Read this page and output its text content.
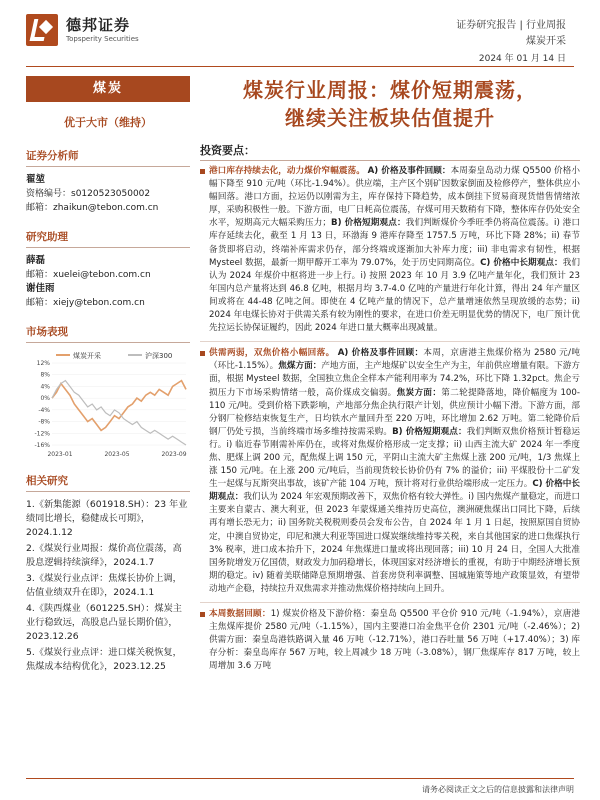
德邦证券
Topsperity Securities
证券研究报告 | 行业周报
煤炭开采
2024 年 01 月 14 日
煤炭
优于大市（维持）
证券分析师
翟堃
资格编号：s0120523050002
邮箱：zhaikun@tebon.com.cn
研究助理
薛磊
邮箱：xuelei@tebon.com.cn
谢佳雨
邮箱：xiejy@tebon.com.cn
市场表现
煤炭开采	沪深300
12%
8%
4%
0%
-4%
-8%
-12%
-16%
2023-01	2023-05	2023-09
相关研究

1.《新集能源（601918.SH）：23 年业绩同比增长，稳健成长可期》，2024.1.12

2.《煤炭行业周报：煤价高位震荡，高股息逻辑持续演绎》，2024.1.7

3.《煤炭行业点评：焦煤长协价上调，估值业绩双升在即》，2024.1.1

4.《陕西煤业（601225.SH）：煤炭主业行稳致远，高股息凸显长期价值》，2023.12.26

5.《煤炭行业点评：进口煤关税恢复，焦煤成本结构优化》，2023.12.25

煤炭行业周报：煤价短期震荡，
继续关注板块估值提升
投资要点：
港口库存持续去化，动力煤价窄幅震荡。 A) 价格及事件回顾：本周秦皇岛动力煤 Q5500 价格小幅下降至 910 元/吨（环比-1.94%）。供应端，主产区个别矿因数家倒面及检修停产，整体供应小幅回落。港口方面，拉运仍以刚需为主，库存保持下降趋势，成本倒挂下贸易商现货惜售情绪浓厚，采购积极性一般。下游方面，电厂日耗高位震荡，存煤可用天数稍有下降，整体库存仍处安全水平，短期高元大幅采购压力；B) 价格短期观点：我们判断煤价今季旺季仍将高位震荡。i) 港口库存延续去化，截至 1 月 13 日，环渤海 9 港库存降至 1757.5 万吨，环比下降 28%；ii) 春节备货即将启动，终端补库需求仍存，部分终端或逐渐加大补库力度；iii) 非电需求有韧性，根据 Mysteel 数据，最新一期甲醇开工率为 79.07%，处于历史同期高位。C) 价格中长期观点：我们认为 2024 年煤价中枢将进一步上行。i) 按照 2023 年 10 月 3.9 亿吨产量年化，我们预计 23 年国内总产量将达到 46.8 亿吨，根据月均 3.7-4.0 亿吨的产量进行年化计算，得出 24 年产量区间或将在 44-48 亿吨之间。即使在 4 亿吨产量的情况下，总产量增速依然呈现放缓的态势；ii) 2024 年电煤长协对于供需关系有较为刚性的要求，在进口价差无明显优势的情况下，电厂预计优先拉运长协保证履约，因此 2024 年进口量大概率出现减量。
供需两弱，双焦价格小幅回落。 A) 价格及事件回顾：本周，京唐港主焦煤价格为 2580 元/吨（环比-1.15%）。焦煤方面：产地方面，主产地煤矿以安全生产为主，年前供应增量有限。下游方面，根据 Mysteel 数据，全国独立焦企全样本产能利用率为 74.2%，环比下降 1.32pct。焦企亏损压力下市场采购情绪一般，高价煤成交偏弱。焦炭方面：第二轮提降落地，降价幅度为 100-110 元/吨。受到价格下跌影响，产地部分焦企执行限产计划，供应预计小幅下滑。下游方面，部分钢厂检修结束恢复生产，日均铁水产量回升至 220 万吨，环比增加 2.62 万吨。第二轮降价后钢厂仍处亏损，当前终端市场多维持按需采购。B) 价格短期观点：我们判断双焦价格预计暂稳运行。i) 临近春节刚需补库仍在，或将对焦煤价格形成一定支撑；ii) 山西主流大矿 2024 年一季度焦、肥煤上调 200 元，配焦煤上调 150 元，平阴山主流大矿主焦煤上涨 200 元/吨，1/3 焦煤上涨 150 元/吨。在上涨 200 元/吨后，当前现货较长协价仍有 7% 的溢价；iii) 平煤股份十二矿发生一起煤与瓦斯突出事故，该矿产能 104 万吨，预计将对行业供给端形成一定压力。C) 价格中长期观点：我们认为 2024 年宏观预期改善下，双焦价格有较大弹性。i) 国内焦煤产量稳定，而进口主要来自蒙古、澳大利亚，但 2023 年蒙煤通关维持历史高位，澳洲硬焦煤出口同比下降，后续再有增长恐无力；ii) 国务院关税税则委员会发布公告，自 2024 年 1 月 1 日起，按照原国自贸协定，中澳自贸协定，印尼和澳大利亚等国进口煤炭继续维持零关税，来自其他国家的进口焦煤执行 3% 税率，进口成本抬升下，2024 年焦煤进口量或将出现回落；iii) 10 月 24 日，全国人大批准国务院增发万亿国债，财政发力加码稳增长，体现国家对经济增长的重视，有助于中期经济增长预期的稳定。iv) 随着美联储降息预期增强、首套房贷利率调整、国城施策等地产政策显效，有望带动地产企稳，持续拉升双焦需求并推动焦煤价格持续向上回升。
本周数据回顾：1) 煤炭价格及下游价格：秦皇岛 Q5500 平仓价 910 元/吨（-1.94%），京唐港主焦煤库提价 2580 元/吨（-1.15%），国内主要港口冶金焦平仓价 2301 元/吨（-2.46%）；2) 供需方面：秦皇岛港铁路调入量 46 万吨（-12.71%），港口吞吐量 56 万吨（+17.40%）；3) 库存分析：秦皇岛库存 567 万吨，较上周减少 18 万吨（-3.08%），钢厂焦煤库存 817 万吨，较上周增加 3.6 万吨
请务必阅读正文之后的信息披露和法律声明
